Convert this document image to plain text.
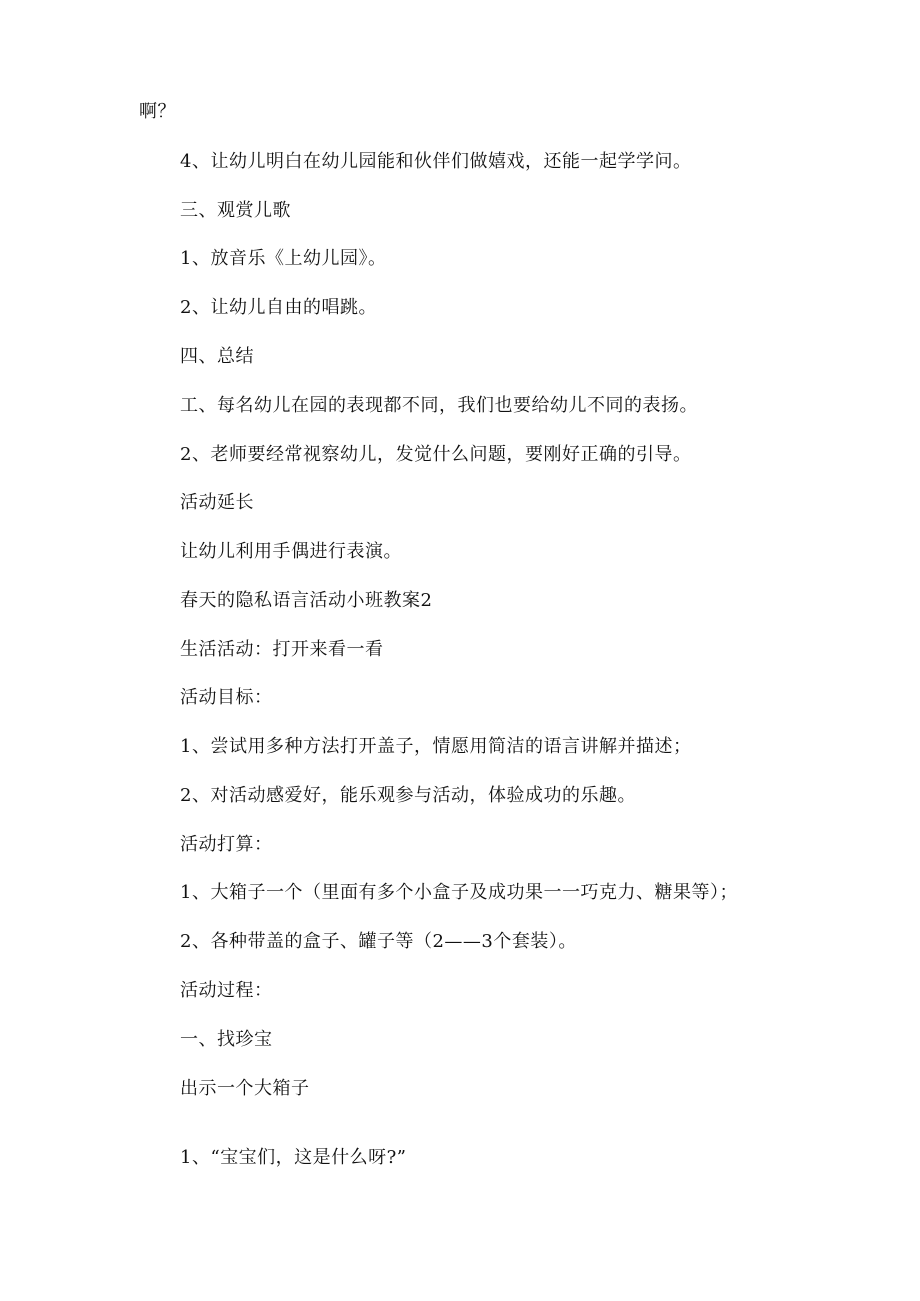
啊？
4、让幼儿明白在幼儿园能和伙伴们做嬉戏，还能一起学学问。
三、观赏儿歌
1、放音乐《上幼儿园》。
2、让幼儿自由的唱跳。
四、总结
工、每名幼儿在园的表现都不同，我们也要给幼儿不同的表扬。
2、老师要经常视察幼儿，发觉什么问题，要刚好正确的引导。
活动延长
让幼儿利用手偶进行表演。
春天的隐私语言活动小班教案2
生活活动：打开来看一看
活动目标：
1、尝试用多种方法打开盖子，情愿用简洁的语言讲解并描述；
2、对活动感爱好，能乐观参与活动，体验成功的乐趣。
活动打算：
1、大箱子一个（里面有多个小盒子及成功果一一巧克力、糖果等）；
2、各种带盖的盒子、罐子等（2——3个套装）。
活动过程：
一、找珍宝
出示一个大箱子
1、“宝宝们，这是什么呀?”
